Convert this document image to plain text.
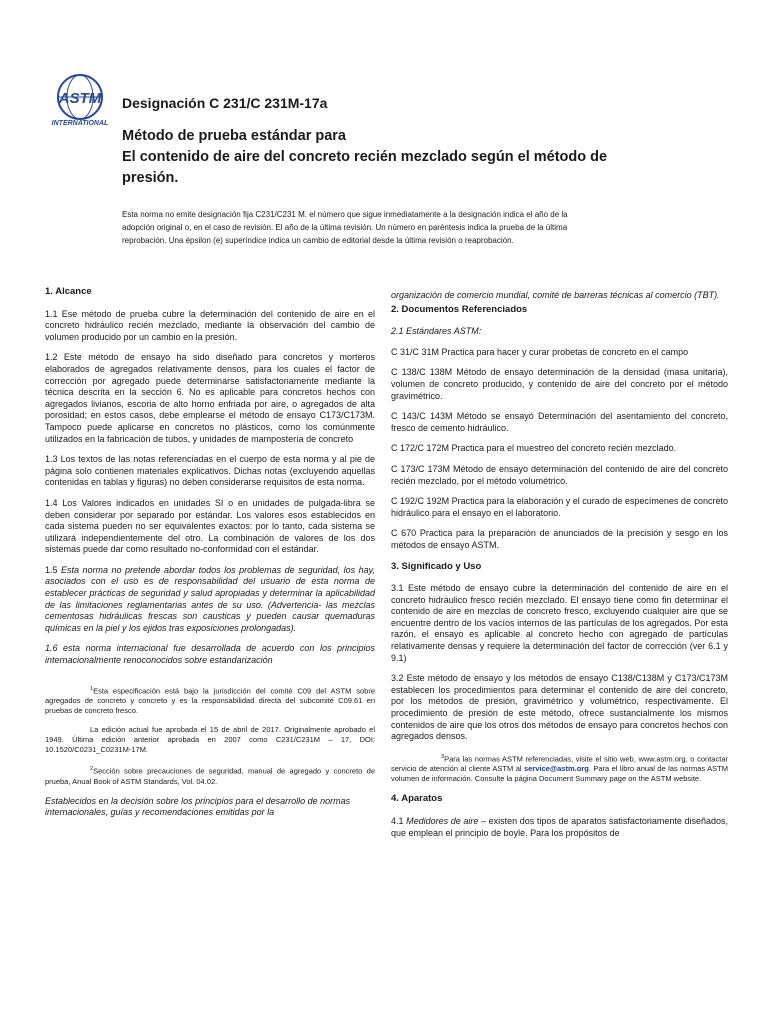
ASTM
INTERNATIONAL
Designación C 231/C 231M-17a
Método de prueba estándar para
El contenido de aire del concreto recién mezclado según el método de
presión.
Esta norma no emite designación fija C231/C231 M. el número que sigue inmediatamente a la designación indica el año de la
adopción original o, en el caso de revisión. El año de la última revisión. Un número en paréntesis indica la prueba de la última
reprobación. Una épsilon (e) superíndice indica un cambio de editorial desde la última revisión o reaprobación.
1. Alcance

1.1 Ese método de prueba cubre la determinación del contenido de aire en el concreto hidráulico recién mezclado, mediante la observación del cambio de volumen producido por un cambio en la presión.

1.2 Este método de ensayo ha sido diseñado para concretos y morteros elaborados de agregados relativamente densos, para los cuales el factor de corrección por agregado puede determinarse satisfactoriamente mediante la técnica descrita en la sección 6. No es aplicable para concretos hechos con agregados livianos, escoria de alto horno enfriada por aire, o agregados de alta porosidad; en estos casos, debe emplearse el método de ensayo C173/C173M. Tampoco puede aplicarse en concretos no plásticos, como los comúnmente utilizados en la fabricación de tubos, y unidades de mampostería de concreto

1.3 Los textos de las notas referenciadas en el cuerpo de esta norma y al pie de página solo contienen materiales explicativos. Dichas notas (excluyendo aquellas contenidas en tablas y figuras) no deben considerarse requisitos de esta norma.

1.4 Los Valores indicados en unidades SI o en unidades de pulgada-libra se deben considerar por separado por estándar. Los valores esos establecidos en cada sistema pueden no ser equivalentes exactos: por lo tanto, cada sistema se utilizará independientemente del otro. La combinación de valores de los dos sistemas puede dar como resultado no-conformidad con el estándar.

1.5 Esta norma no pretende abordar todos los problemas de seguridad, los hay, asociados con el uso es de responsabilidad del usuario de esta norma de establecer prácticas de seguridad y salud apropiadas y determinar la aplicabilidad de las limitaciones reglamentarias antes de su uso. (Advertencia- las mezclas cementosas hidráulicas frescas son causticas y pueden causar quemaduras químicas en la piel y los ejidos tras exposiciones prolongadas).

1.6 esta norma internacional fue desarrollada de acuerdo con los principios internacionalmente renoconocidos sobre estandarización

$^1$Esta especificación está bajo la jurisdicción del comité C09 del ASTM sobre agregados de concreto y concreto y es la responsabilidad directa del subcomité C09.61 en pruebas de concreto fresco.

La edición actual fue aprobada el 15 de abril de 2017. Originalmente aprobado el 1949. Última edición anterior aprobada en 2007 como C231/C231M – 17, DOI: 10.1520/C0231_C0231M-17M.

$^2$Sección sobre precauciones de seguridad, manual de agregado y concreto de prueba, Anual Book of ASTM Standards, Vol. 04.02.

Establecidos en la decisión sobre los principios para el desarrollo de normas internacionales, guías y recomendaciones emitidas por la

organización de comercio mundial, comité de barreras técnicas al comercio (TBT).

2. Documentos Referenciados

2.1 Estándares ASTM:

C 31/C 31M Practica para hacer y curar probetas de concreto en el campo

C 138/C 138M Método de ensayo determinación de la densidad (masa unitaria), volumen de concreto producido, y contenido de aire del concreto por el método gravimétrico.

C 143/C 143M Método se ensayó Determinación del asentamiento del concreto, fresco de cemento hidráulico.

C 172/C 172M Practica para el muestreo del concreto recién mezclado.

C 173/C 173M Método de ensayo determinación del contenido de aire del concreto recién mezclado, por el método volumétrico.

C 192/C 192M Practica para la elaboración y el curado de especímenes de concreto hidráulico para el ensayo en el laboratorio.

C 670 Practica para la preparación de anunciados de la precisión y sesgo en los métodos de ensayo ASTM.

3. Significado y Uso

3.1 Este método de ensayo cubre la determinación del contenido de aire en el concreto hidráulico fresco recién mezclado. El ensayo tiene como fin determinar el contenido de aire en mezclas de concreto fresco, excluyendo cualquier aire que se encuentre dentro de los vacíos internos de las partículas de los agregados. Por esta razón, el ensayo es aplicable al concreto hecho con agregado de partículas relativamente densas y requiere la determinación del factor de corrección (ver 6.1 y 9.1)

3.2 Este método de ensayo y los métodos de ensayo C138/C138M y C173/C173M establecen los procedimientos para determinar el contenido de aire del concreto, por los métodos de presión, gravimétrico y volumétrico, respectivamente. El procedimiento de presión de este método, ofrece sustancialmente los mismos contenidos de aire que los otros dos métodos de ensayo para concretos hechos con agregados densos.

$^3$Para las normas ASTM referenciadas, visite el sitio web, www.astm.org, o contactar servicio de atención al cliente ASTM al service@astm.org. Para el libro anual de las normas ASTM volumen de información. Consulte la página Document Summary page on the ASTM website.

4. Aparatos

4.1 Medidores de aire – existen dos tipos de aparatos satisfactoriamente diseñados, que emplean el principio de boyle. Para los propósitos de
